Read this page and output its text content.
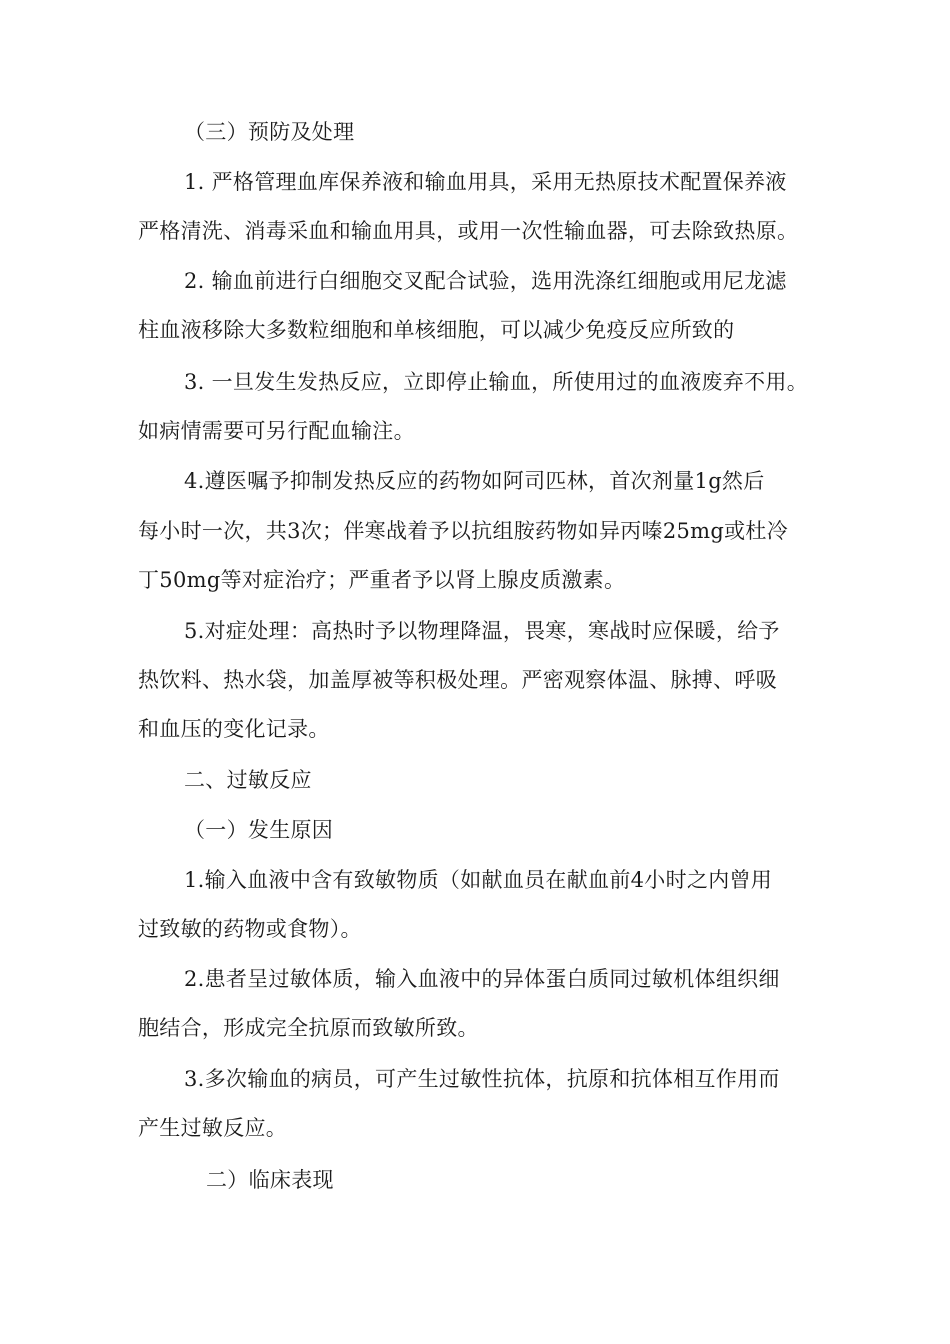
（三）预防及处理

1. 严格管理血库保养液和输血用具，采用无热原技术配置保养液

严格清洗、消毒采血和输血用具，或用一次性输血器，可去除致热原。

2. 输血前进行白细胞交叉配合试验，选用洗涤红细胞或用尼龙滤

柱血液移除大多数粒细胞和单核细胞，可以减少免疫反应所致的

3. 一旦发生发热反应，立即停止输血，所使用过的血液废弃不用。

如病情需要可另行配血输注。

4.遵医嘱予抑制发热反应的药物如阿司匹林，首次剂量1g然后

每小时一次，共3次；伴寒战着予以抗组胺药物如异丙嗪25mg或杜冷

丁50mg等对症治疗；严重者予以肾上腺皮质激素。

5.对症处理：高热时予以物理降温，畏寒，寒战时应保暖，给予

热饮料、热水袋，加盖厚被等积极处理。严密观察体温、脉搏、呼吸

和血压的变化记录。

二、过敏反应

（一）发生原因

1.输入血液中含有致敏物质（如献血员在献血前4小时之内曾用

过致敏的药物或食物）。

2.患者呈过敏体质，输入血液中的异体蛋白质同过敏机体组织细

胞结合，形成完全抗原而致敏所致。

3.多次输血的病员，可产生过敏性抗体，抗原和抗体相互作用而

产生过敏反应。

二）临床表现
